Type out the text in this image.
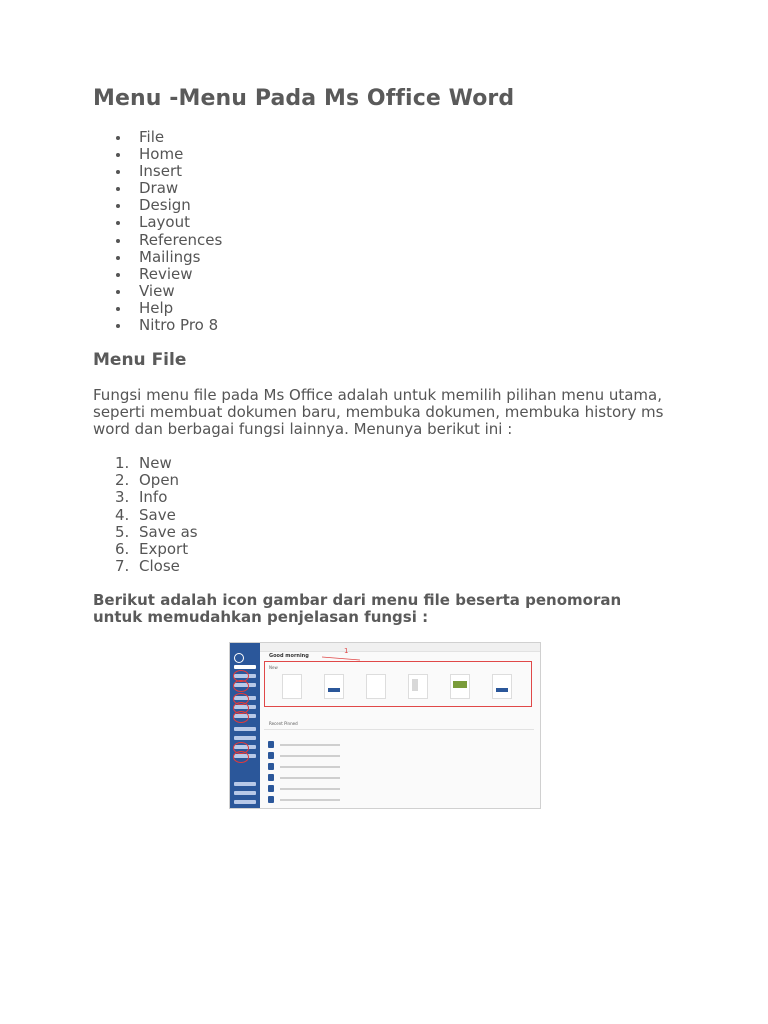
Menu -Menu Pada Ms Office Word
File
Home
Insert
Draw
Design
Layout
References
Mailings
Review
View
Help
Nitro Pro 8
Menu File

Fungsi menu file pada Ms Office adalah untuk memilih pilihan menu utama, seperti membuat dokumen baru, membuka dokumen, membuka history ms word dan berbagai fungsi lainnya. Menunya berikut ini :

1. New
2. Open
3. Info
4. Save
5. Save as
6. Export
7. Close

Berikut adalah icon gambar dari menu file beserta penomoran untuk memudahkan penjelasan fungsi :

Good morning
1
New
Recent Pinned
